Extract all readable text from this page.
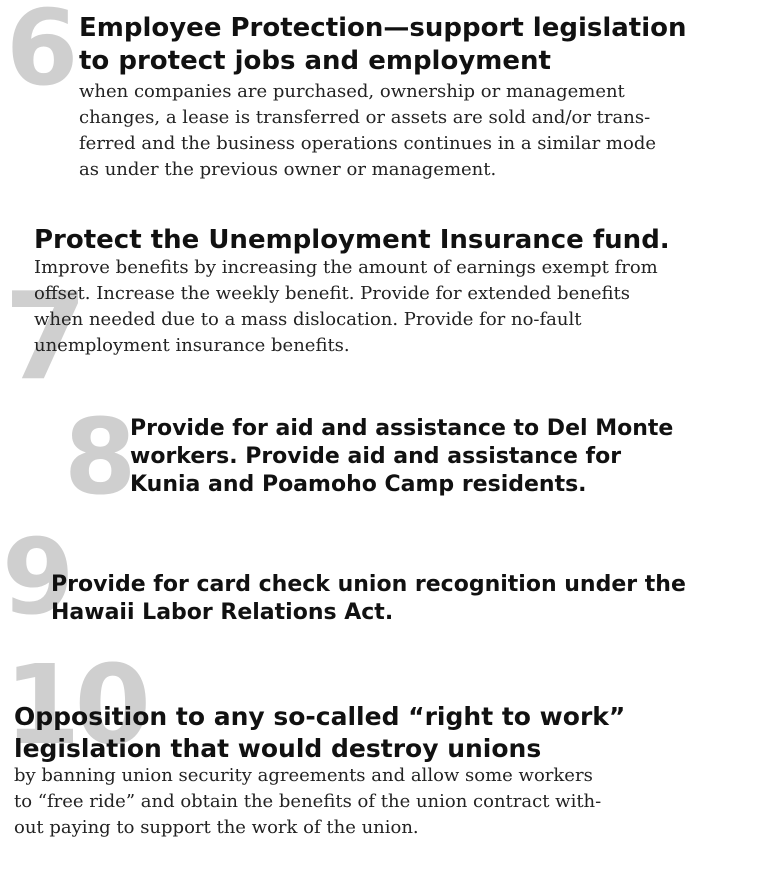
6 Employee Protection—support legislation
to protect jobs and employment

when companies are purchased, ownership or management
changes, a lease is transferred or assets are sold and/or trans-
ferred and the business operations continues in a similar mode
as under the previous owner or management.

7
Protect the Unemployment Insurance fund.

Improve benefits by increasing the amount of earnings exempt from
offset. Increase the weekly benefit. Provide for extended benefits
when needed due to a mass dislocation. Provide for no-fault
unemployment insurance benefits.

8 Provide for aid and assistance to Del Monte
workers. Provide aid and assistance for
Kunia and Poamoho Camp residents.
9
Provide for card check union recognition under the
Hawaii Labor Relations Act.
10
Opposition to any so-called “right to work”
legislation that would destroy unions

by banning union security agreements and allow some workers
to “free ride” and obtain the benefits of the union contract with-
out paying to support the work of the union.
